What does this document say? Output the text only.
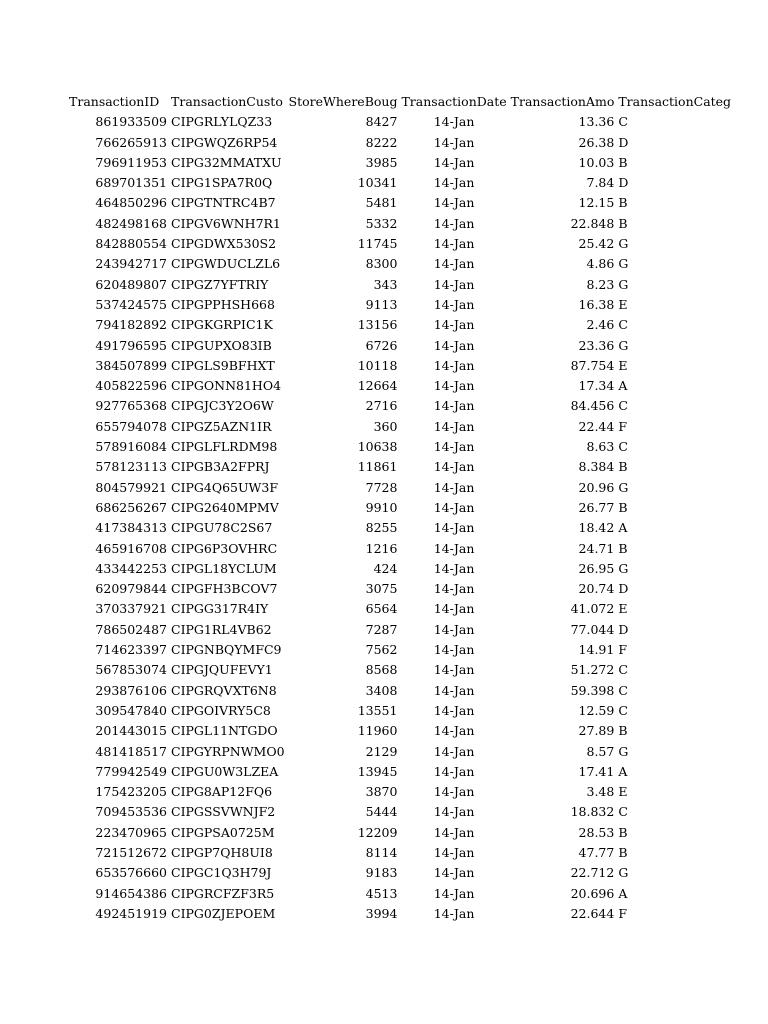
TransactionID	TransactionCusto	StoreWhereBoug	TransactionDate	TransactionAmo	TransactionCateg
861933509	CIPGRLYLQZ33	8427	14-Jan	13.36	C
766265913	CIPGWQZ6RP54	8222	14-Jan	26.38	D
796911953	CIPG32MMATXU	3985	14-Jan	10.03	B
689701351	CIPG1SPA7R0Q	10341	14-Jan	7.84	D
464850296	CIPGTNTRC4B7	5481	14-Jan	12.15	B
482498168	CIPGV6WNH7R1	5332	14-Jan	22.848	B
842880554	CIPGDWX530S2	11745	14-Jan	25.42	G
243942717	CIPGWDUCLZL6	8300	14-Jan	4.86	G
620489807	CIPGZ7YFTRIY	343	14-Jan	8.23	G
537424575	CIPGPPHSH668	9113	14-Jan	16.38	E
794182892	CIPGKGRPIC1K	13156	14-Jan	2.46	C
491796595	CIPGUPXO83IB	6726	14-Jan	23.36	G
384507899	CIPGLS9BFHXT	10118	14-Jan	87.754	E
405822596	CIPGONN81HO4	12664	14-Jan	17.34	A
927765368	CIPGJC3Y2O6W	2716	14-Jan	84.456	C
655794078	CIPGZ5AZN1IR	360	14-Jan	22.44	F
578916084	CIPGLFLRDM98	10638	14-Jan	8.63	C
578123113	CIPGB3A2FPRJ	11861	14-Jan	8.384	B
804579921	CIPG4Q65UW3F	7728	14-Jan	20.96	G
686256267	CIPG2640MPMV	9910	14-Jan	26.77	B
417384313	CIPGU78C2S67	8255	14-Jan	18.42	A
465916708	CIPG6P3OVHRC	1216	14-Jan	24.71	B
433442253	CIPGL18YCLUM	424	14-Jan	26.95	G
620979844	CIPGFH3BCOV7	3075	14-Jan	20.74	D
370337921	CIPGG317R4IY	6564	14-Jan	41.072	E
786502487	CIPG1RL4VB62	7287	14-Jan	77.044	D
714623397	CIPGNBQYMFC9	7562	14-Jan	14.91	F
567853074	CIPGJQUFEVY1	8568	14-Jan	51.272	C
293876106	CIPGRQVXT6N8	3408	14-Jan	59.398	C
309547840	CIPGOIVRY5C8	13551	14-Jan	12.59	C
201443015	CIPGL11NTGDO	11960	14-Jan	27.89	B
481418517	CIPGYRPNWMO0	2129	14-Jan	8.57	G
779942549	CIPGU0W3LZEA	13945	14-Jan	17.41	A
175423205	CIPG8AP12FQ6	3870	14-Jan	3.48	E
709453536	CIPGSSVWNJF2	5444	14-Jan	18.832	C
223470965	CIPGPSA0725M	12209	14-Jan	28.53	B
721512672	CIPGP7QH8UI8	8114	14-Jan	47.77	B
653576660	CIPGC1Q3H79J	9183	14-Jan	22.712	G
914654386	CIPGRCFZF3R5	4513	14-Jan	20.696	A
492451919	CIPG0ZJEPOEM	3994	14-Jan	22.644	F
